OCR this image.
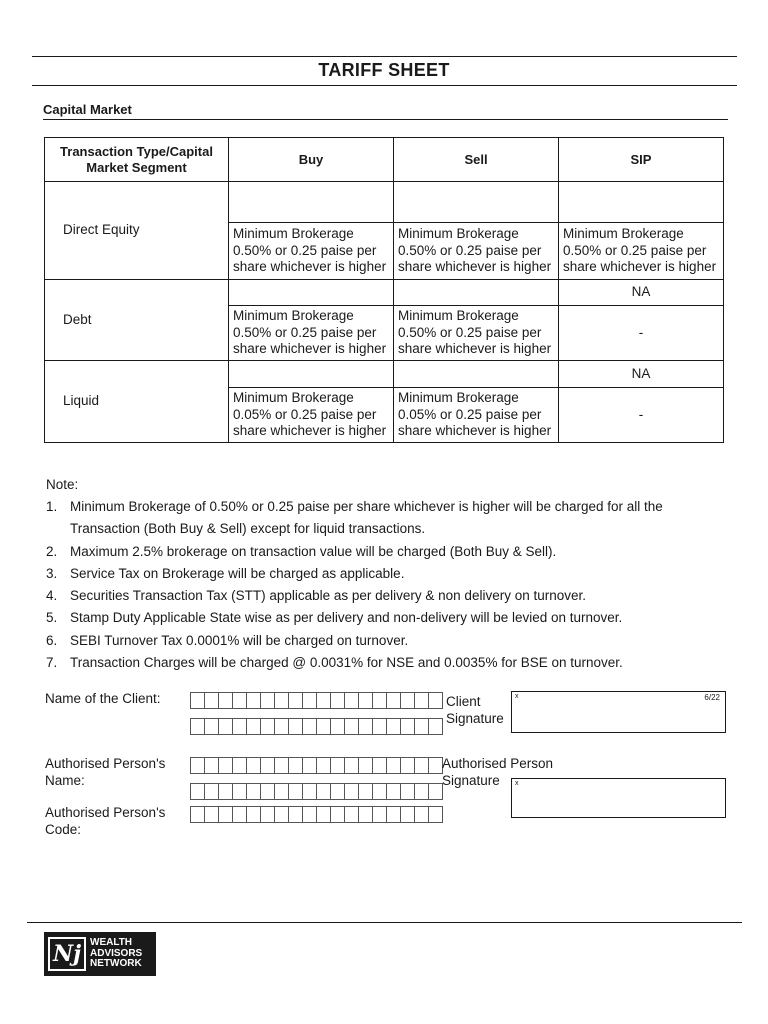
TARIFF SHEET
Capital Market
Transaction Type/Capital Market Segment	Buy	Sell	SIP
Direct Equity			

	Minimum Brokerage 0.50% or 0.25 paise per share whichever is higher	Minimum Brokerage 0.50% or 0.25 paise per share whichever is higher	Minimum Brokerage 0.50% or 0.25 paise per share whichever is higher

Debt			NA

	Minimum Brokerage 0.50% or 0.25 paise per share whichever is higher	Minimum Brokerage 0.50% or 0.25 paise per share whichever is higher	-
Liquid			NA

	Minimum Brokerage 0.05% or 0.25 paise per share whichever is higher	Minimum Brokerage 0.05% or 0.25 paise per share whichever is higher	-
Note:
1. Minimum Brokerage of 0.50% or 0.25 paise per share whichever is higher will be charged for all the Transaction (Both Buy & Sell) except for liquid transactions.
2. Maximum 2.5% brokerage on transaction value will be charged (Both Buy & Sell).
3. Service Tax on Brokerage will be charged as applicable.
4. Securities Transaction Tax (STT) applicable as per delivery & non delivery on turnover.
5. Stamp Duty Applicable State wise as per delivery and non-delivery will be levied on turnover.
6. SEBI Turnover Tax 0.0001% will be charged on turnover.
7. Transaction Charges will be charged @ 0.0031% for NSE and 0.0035% for BSE on turnover.
Name of the Client:	Client Signature
x	6/22
Authorised Person's Name:
Authorised Person Signature	x
Authorised Person's Code:
Nj WEALTH
ADVISORS
NETWORK
